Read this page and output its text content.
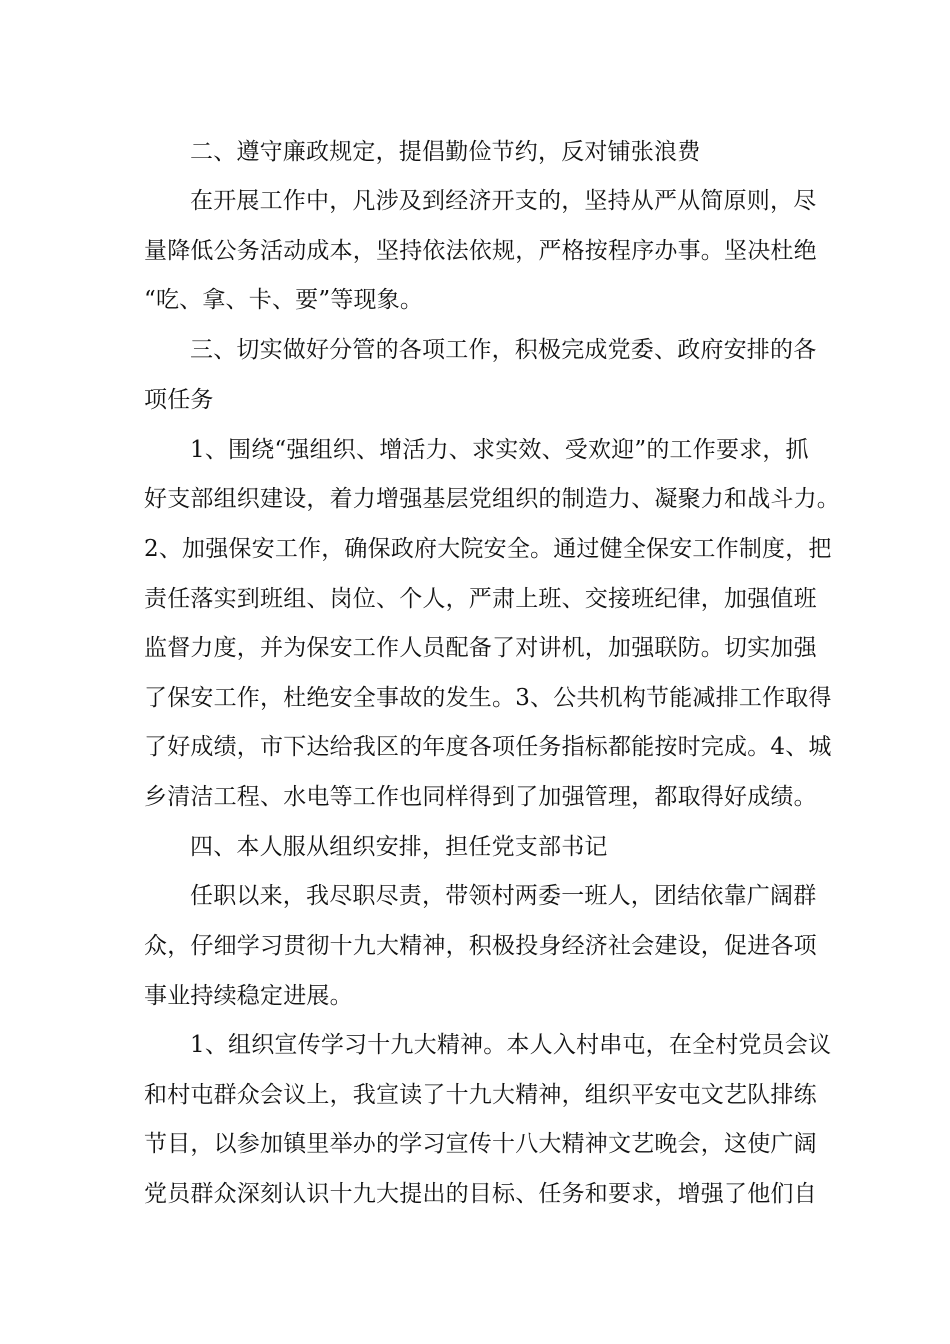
二、遵守廉政规定，提倡勤俭节约，反对铺张浪费
在开展工作中，凡涉及到经济开支的，坚持从严从简原则，尽
量降低公务活动成本，坚持依法依规，严格按程序办事。坚决杜绝
“吃、拿、卡、要”等现象。
三、切实做好分管的各项工作，积极完成党委、政府安排的各
项任务
1、围绕“强组织、增活力、求实效、受欢迎”的工作要求，抓
好支部组织建设，着力增强基层党组织的制造力、凝聚力和战斗力。
2、加强保安工作，确保政府大院安全。通过健全保安工作制度，把
责任落实到班组、岗位、个人，严肃上班、交接班纪律，加强值班
监督力度，并为保安工作人员配备了对讲机，加强联防。切实加强
了保安工作，杜绝安全事故的发生。3、公共机构节能减排工作取得
了好成绩，市下达给我区的年度各项任务指标都能按时完成。4、城
乡清洁工程、水电等工作也同样得到了加强管理，都取得好成绩。
四、本人服从组织安排，担任党支部书记
任职以来，我尽职尽责，带领村两委一班人，团结依靠广阔群
众，仔细学习贯彻十九大精神，积极投身经济社会建设，促进各项
事业持续稳定进展。
1、组织宣传学习十九大精神。本人入村串屯，在全村党员会议
和村屯群众会议上，我宣读了十九大精神，组织平安屯文艺队排练
节目，以参加镇里举办的学习宣传十八大精神文艺晚会，这使广阔
党员群众深刻认识十九大提出的目标、任务和要求，增强了他们自
